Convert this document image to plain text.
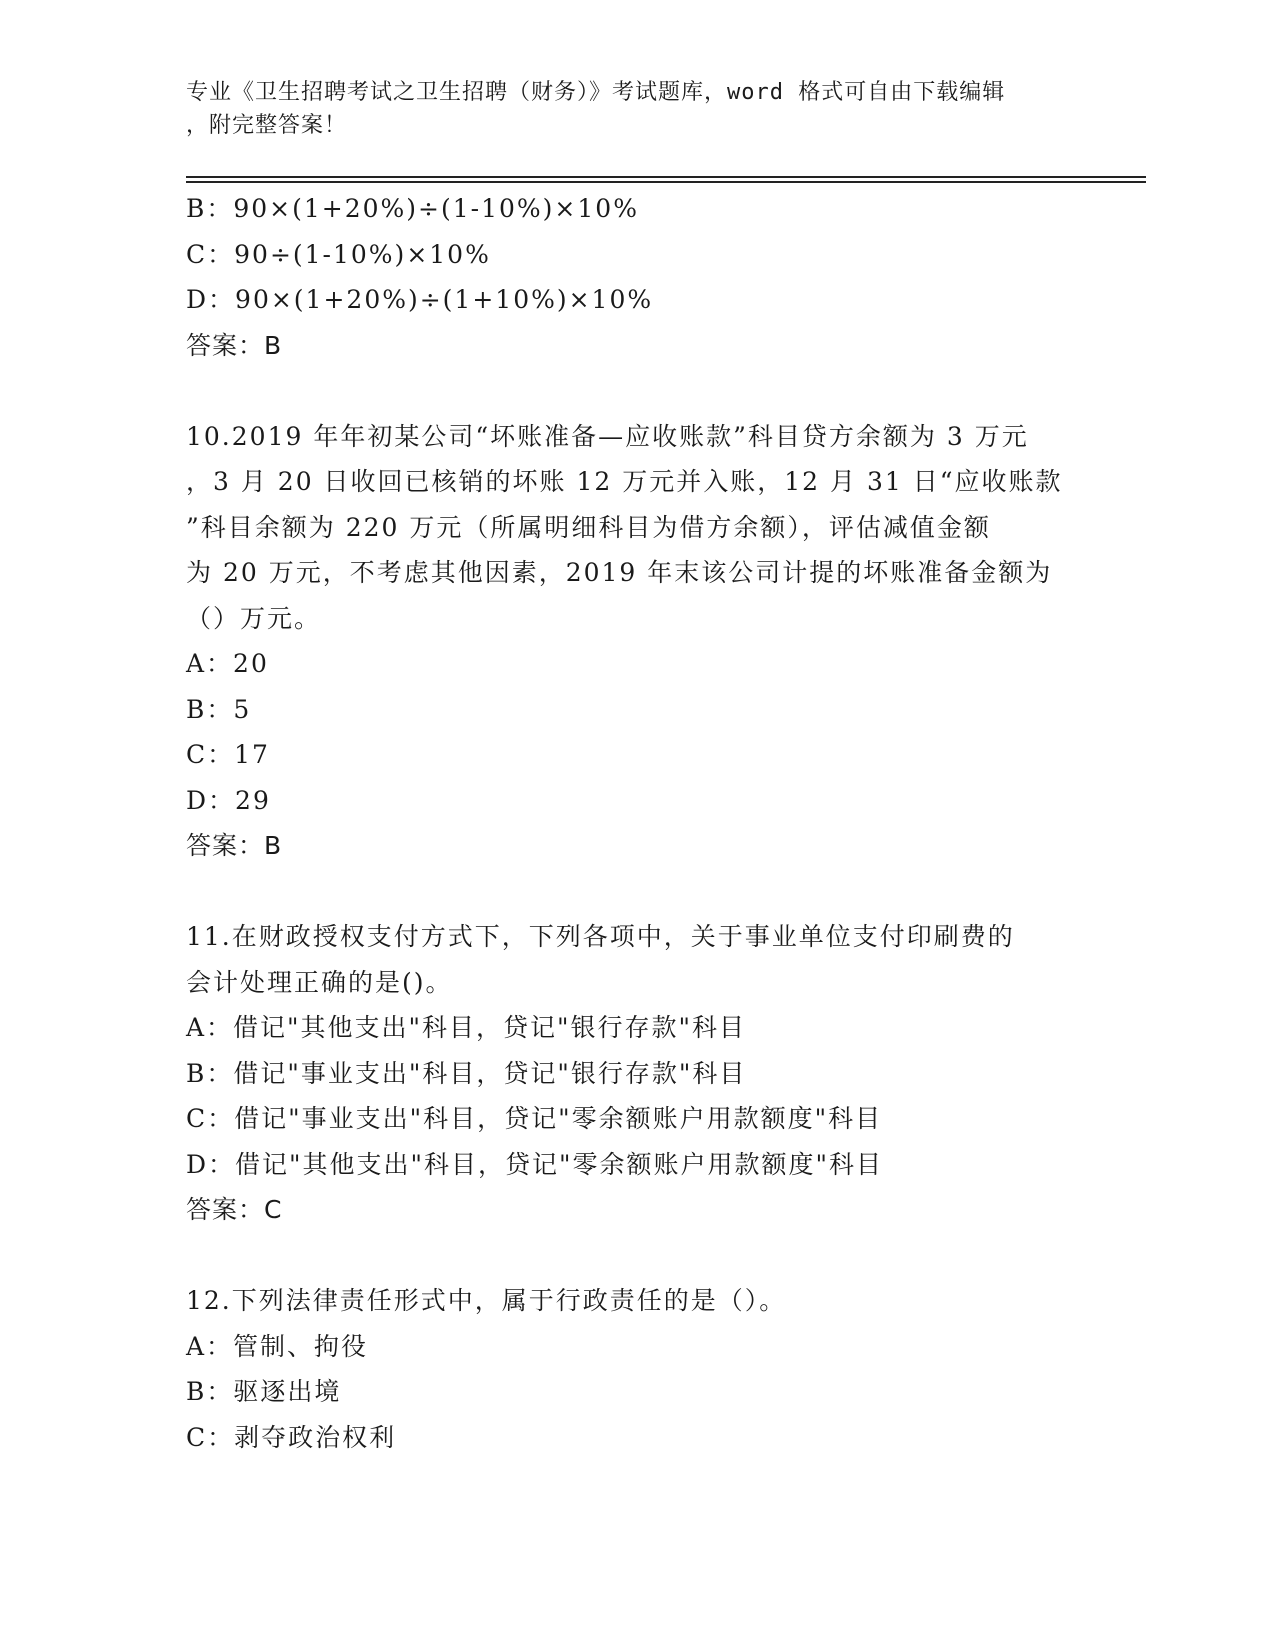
专业《卫生招聘考试之卫生招聘（财务）》考试题库，word 格式可自由下载编辑
，附完整答案！
B：90×(1+20%)÷(1-10%)×10%
C：90÷(1-10%)×10%
D：90×(1+20%)÷(1+10%)×10%
答案：B
10.2019 年年初某公司“坏账准备—应收账款”科目贷方余额为 3 万元
，3 月 20 日收回已核销的坏账 12 万元并入账，12 月 31 日“应收账款
”科目余额为 220 万元（所属明细科目为借方余额），评估减值金额
为 20 万元，不考虑其他因素，2019 年末该公司计提的坏账准备金额为
（）万元。
A：20
B：5
C：17
D：29
答案：B
11.在财政授权支付方式下，下列各项中，关于事业单位支付印刷费的
会计处理正确的是()。
A：借记"其他支出"科目，贷记"银行存款"科目
B：借记"事业支出"科目，贷记"银行存款"科目
C：借记"事业支出"科目，贷记"零余额账户用款额度"科目
D：借记"其他支出"科目，贷记"零余额账户用款额度"科目
答案：C
12.下列法律责任形式中，属于行政责任的是（）。
A：管制、拘役
B：驱逐出境
C：剥夺政治权利
